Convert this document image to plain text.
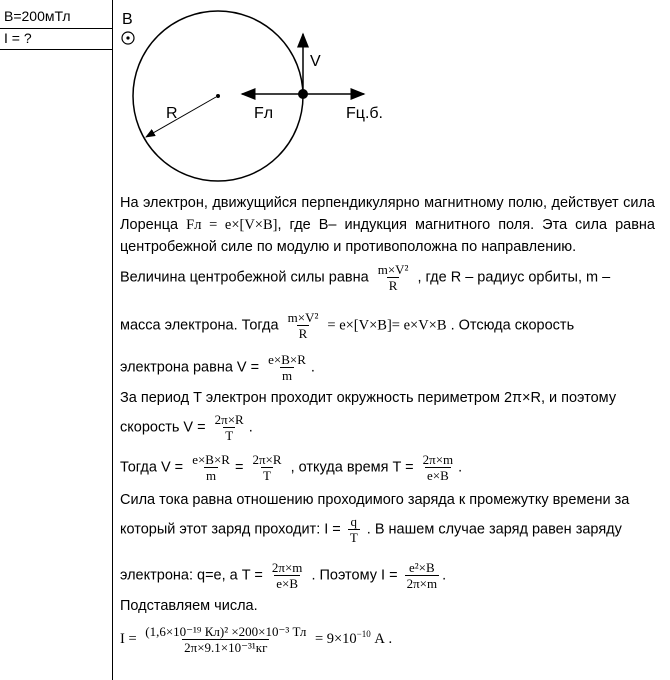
B=200мТл
I = ?
B
V
Fл	Fц.б.
R
На электрон, движущийся перпендикулярно магнитному полю, действует сила Лоренца Fл = e×[V×B], где B– индукция магнитного поля. Эта сила равна центробежной силе по модулю и противоположна по направлению.
Величина центробежной силы равна $\frac{\text{m×V²}}{R}$ , где R – радиус орбиты, m –
масса электрона. Тогда $\frac{\text{m×V²}}{R} = e\times[V\times B]= e\times V\times B$ . Отсюда скорость
электрона равна $V = \frac{e\times B\times R}{m}$ .
За период T электрон проходит окружность периметром 2π×R, и поэтому
скорость $V = \frac{2\pi\times R}{T}$ .
Тогда $V = \frac{e\times B\times R}{m} = \frac{2\pi\times R}{T}$ , откуда время $T = \frac{2\pi\times m}{e\times B}$ .
Сила тока равна отношению проходимого заряда к промежутку времени за
который этот заряд проходит: $I = \frac{q}{T}$ . В нашем случае заряд равен заряду
электрона: q=e, а $T = \frac{2\pi\times m}{e\times B}$ . Поэтому $I = \frac{\text{e²×B}}{2\pi\times m}$ .
Подставляем числа.
$I = \frac{\text{(1,6×10⁻¹⁹ Кл)² ×200×10⁻³ Тл}}{\text{2π×9.1×10⁻³¹кг}} = 9\times 10^{-10}$ А .
